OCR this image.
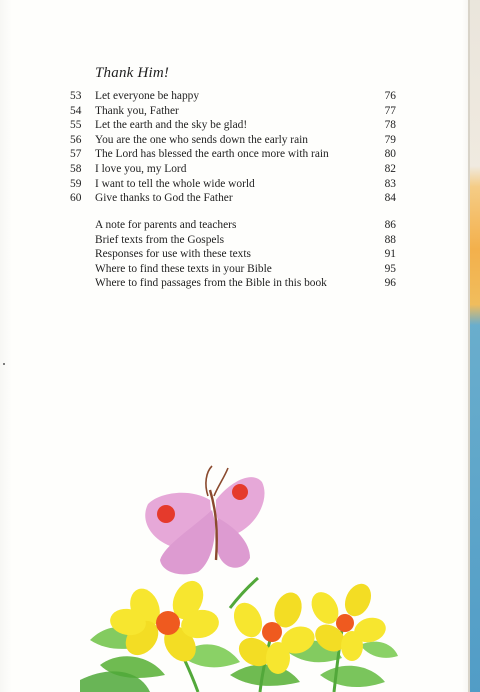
Thank Him!
53	Let everyone be happy	76
54	Thank you, Father	77
55	Let the earth and the sky be glad!	78
56	You are the one who sends down the early rain	79
57	The Lord has blessed the earth once more with rain	80
58	I love you, my Lord	82
59	I want to tell the whole wide world	83
60	Give thanks to God the Father	84
A note for parents and teachers	86
Brief texts from the Gospels	88
Responses for use with these texts	91
Where to find these texts in your Bible	95
Where to find passages from the Bible in this book	96
